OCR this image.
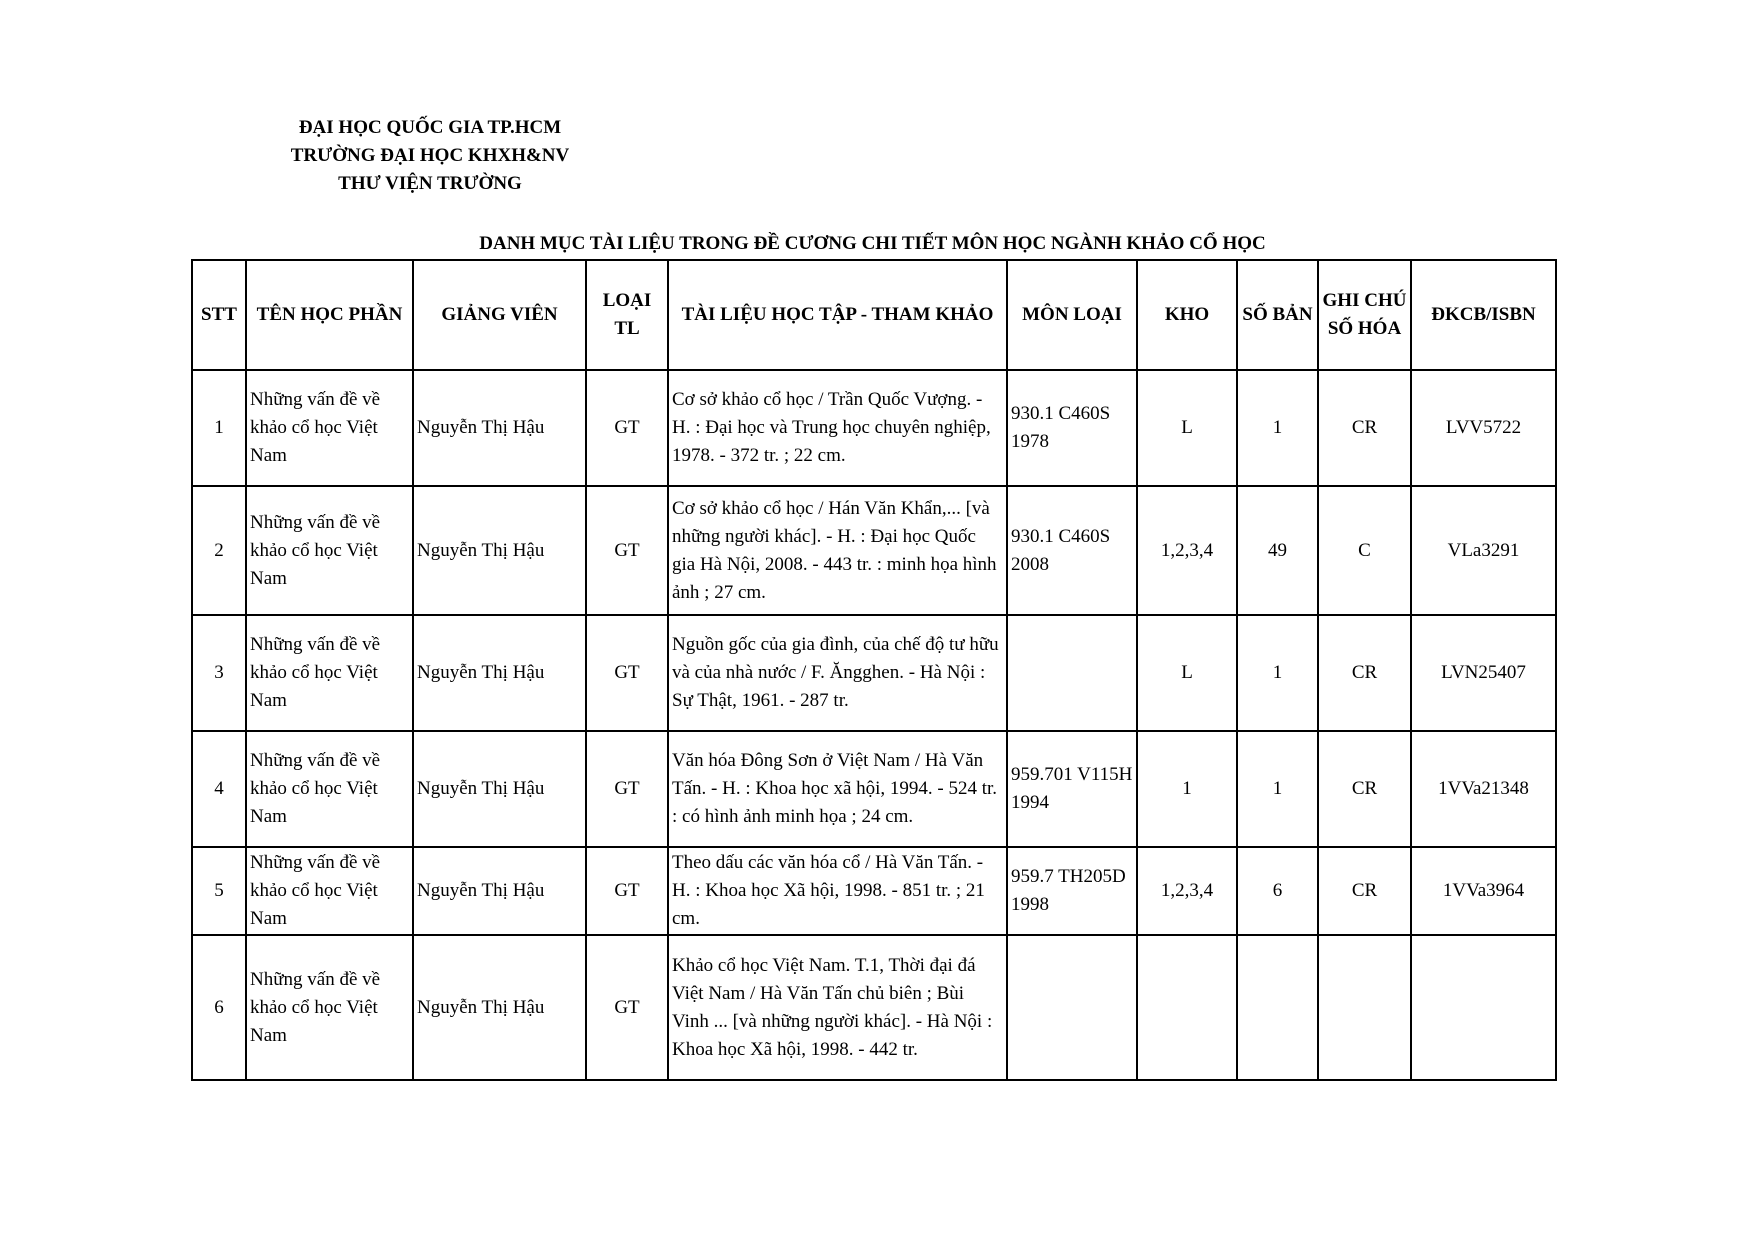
ĐẠI HỌC QUỐC GIA TP.HCM
TRƯỜNG ĐẠI HỌC KHXH&NV
THƯ VIỆN TRƯỜNG
DANH MỤC TÀI LIỆU TRONG ĐỀ CƯƠNG CHI TIẾT MÔN HỌC NGÀNH KHẢO CỔ HỌC
STT	TÊN HỌC PHẦN	GIẢNG VIÊN	LOẠI TL	TÀI LIỆU HỌC TẬP - THAM KHẢO	MÔN LOẠI	KHO	SỐ BẢN	GHI CHÚ SỐ HÓA	ĐKCB/ISBN
1	Những vấn đề về khảo cổ học Việt Nam	Nguyễn Thị Hậu	GT	Cơ sở khảo cổ học / Trần Quốc Vượng. - H. : Đại học và Trung học chuyên nghiệp, 1978. - 372 tr. ; 22 cm.	930.1 C460S 1978	L	1	CR	LVV5722
2	Những vấn đề về khảo cổ học Việt Nam	Nguyễn Thị Hậu	GT	Cơ sở khảo cổ học / Hán Văn Khẩn,... [và những người khác]. - H. : Đại học Quốc gia Hà Nội, 2008. - 443 tr. : minh họa hình ảnh ; 27 cm.	930.1 C460S 2008	1,2,3,4	49	C	VLa3291
3	Những vấn đề về khảo cổ học Việt Nam	Nguyễn Thị Hậu	GT	Nguồn gốc của gia đình, của chế độ tư hữu và của nhà nước / F. Ăngghen. - Hà Nội : Sự Thật, 1961. - 287 tr.		L	1	CR	LVN25407
4	Những vấn đề về khảo cổ học Việt Nam	Nguyễn Thị Hậu	GT	Văn hóa Đông Sơn ở Việt Nam / Hà Văn Tấn. - H. : Khoa học xã hội, 1994. - 524 tr. : có hình ảnh minh họa ; 24 cm.	959.701 V115H 1994	1	1	CR	1VVa21348
5	Những vấn đề về khảo cổ học Việt Nam	Nguyễn Thị Hậu	GT	Theo dấu các văn hóa cổ / Hà Văn Tấn. - H. : Khoa học Xã hội, 1998. - 851 tr. ; 21 cm.	959.7 TH205D 1998	1,2,3,4	6	CR	1VVa3964
6	Những vấn đề về khảo cổ học Việt Nam	Nguyễn Thị Hậu	GT	Khảo cổ học Việt Nam. T.1, Thời đại đá Việt Nam / Hà Văn Tấn chủ biên ; Bùi Vinh ... [và những người khác]. - Hà Nội : Khoa học Xã hội, 1998. - 442 tr.					
